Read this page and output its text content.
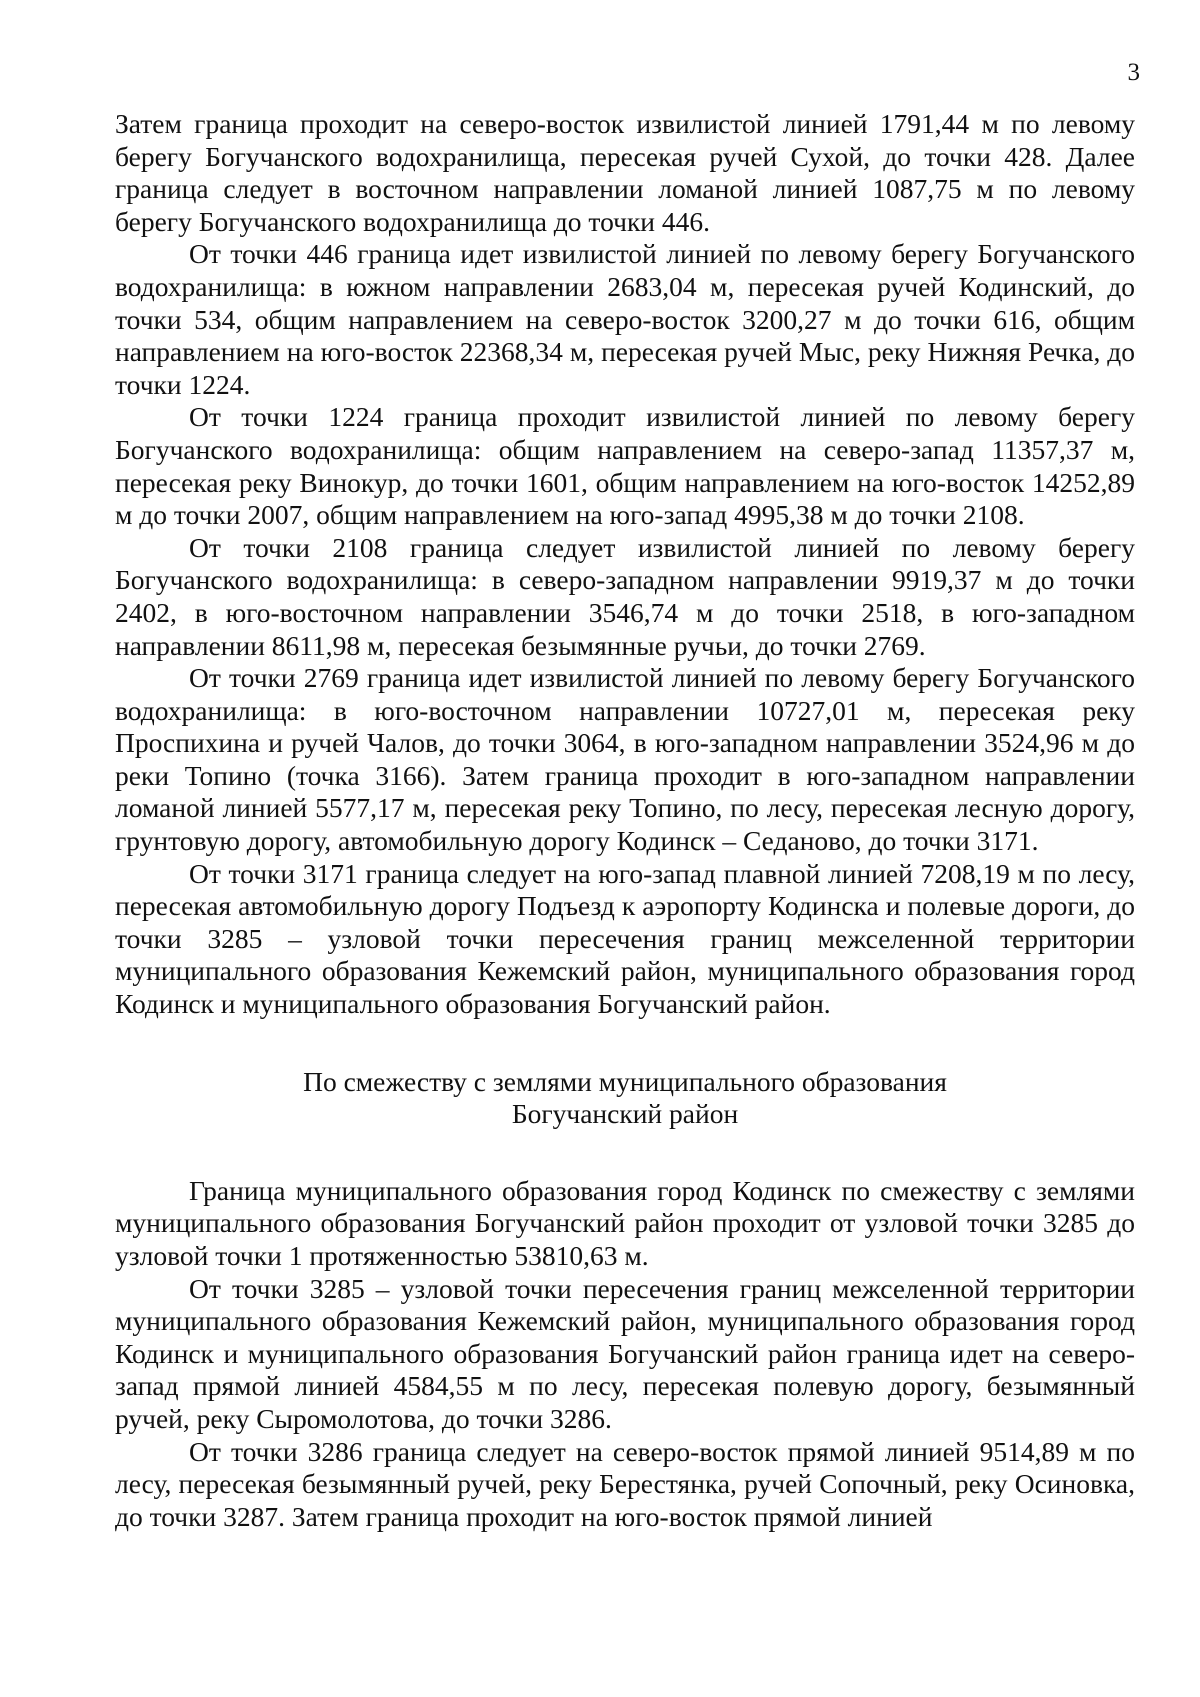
3

Затем граница проходит на северо-восток извилистой линией 1791,44 м по левому берегу Богучанского водохранилища, пересекая ручей Сухой, до точки 428. Далее граница следует в восточном направлении ломаной линией 1087,75 м по левому берегу Богучанского водохранилища до точки 446.

От точки 446 граница идет извилистой линией по левому берегу Богучанского водохранилища: в южном направлении 2683,04 м, пересекая ручей Кодинский, до точки 534, общим направлением на северо-восток 3200,27 м до точки 616, общим направлением на юго-восток 22368,34 м, пересекая ручей Мыс, реку Нижняя Речка, до точки 1224.

От точки 1224 граница проходит извилистой линией по левому берегу Богучанского водохранилища: общим направлением на северо-запад 11357,37 м, пересекая реку Винокур, до точки 1601, общим направлением на юго-восток 14252,89 м до точки 2007, общим направлением на юго-запад 4995,38 м до точки 2108.

От точки 2108 граница следует извилистой линией по левому берегу Богучанского водохранилища: в северо-западном направлении 9919,37 м до точки 2402, в юго-восточном направлении 3546,74 м до точки 2518, в юго-западном направлении 8611,98 м, пересекая безымянные ручьи, до точки 2769.

От точки 2769 граница идет извилистой линией по левому берегу Богучанского водохранилища: в юго-восточном направлении 10727,01 м, пересекая реку Проспихина и ручей Чалов, до точки 3064, в юго-западном направлении 3524,96 м до реки Топино (точка 3166). Затем граница проходит в юго-западном направлении ломаной линией 5577,17 м, пересекая реку Топино, по лесу, пересекая лесную дорогу, грунтовую дорогу, автомобильную дорогу Кодинск – Седаново, до точки 3171.

От точки 3171 граница следует на юго-запад плавной линией 7208,19 м по лесу, пересекая автомобильную дорогу Подъезд к аэропорту Кодинска и полевые дороги, до точки 3285 – узловой точки пересечения границ межселенной территории муниципального образования Кежемский район, муниципального образования город Кодинск и муниципального образования Богучанский район.

По смежеству с землями муниципального образования
Богучанский район

Граница муниципального образования город Кодинск по смежеству с землями муниципального образования Богучанский район проходит от узловой точки 3285 до узловой точки 1 протяженностью 53810,63 м.

От точки 3285 – узловой точки пересечения границ межселенной территории муниципального образования Кежемский район, муниципального образования город Кодинск и муниципального образования Богучанский район граница идет на северо-запад прямой линией 4584,55 м по лесу, пересекая полевую дорогу, безымянный ручей, реку Сыромолотова, до точки 3286.

От точки 3286 граница следует на северо-восток прямой линией 9514,89 м по лесу, пересекая безымянный ручей, реку Берестянка, ручей Сопочный, реку Осиновка, до точки 3287. Затем граница проходит на юго-восток прямой линией
